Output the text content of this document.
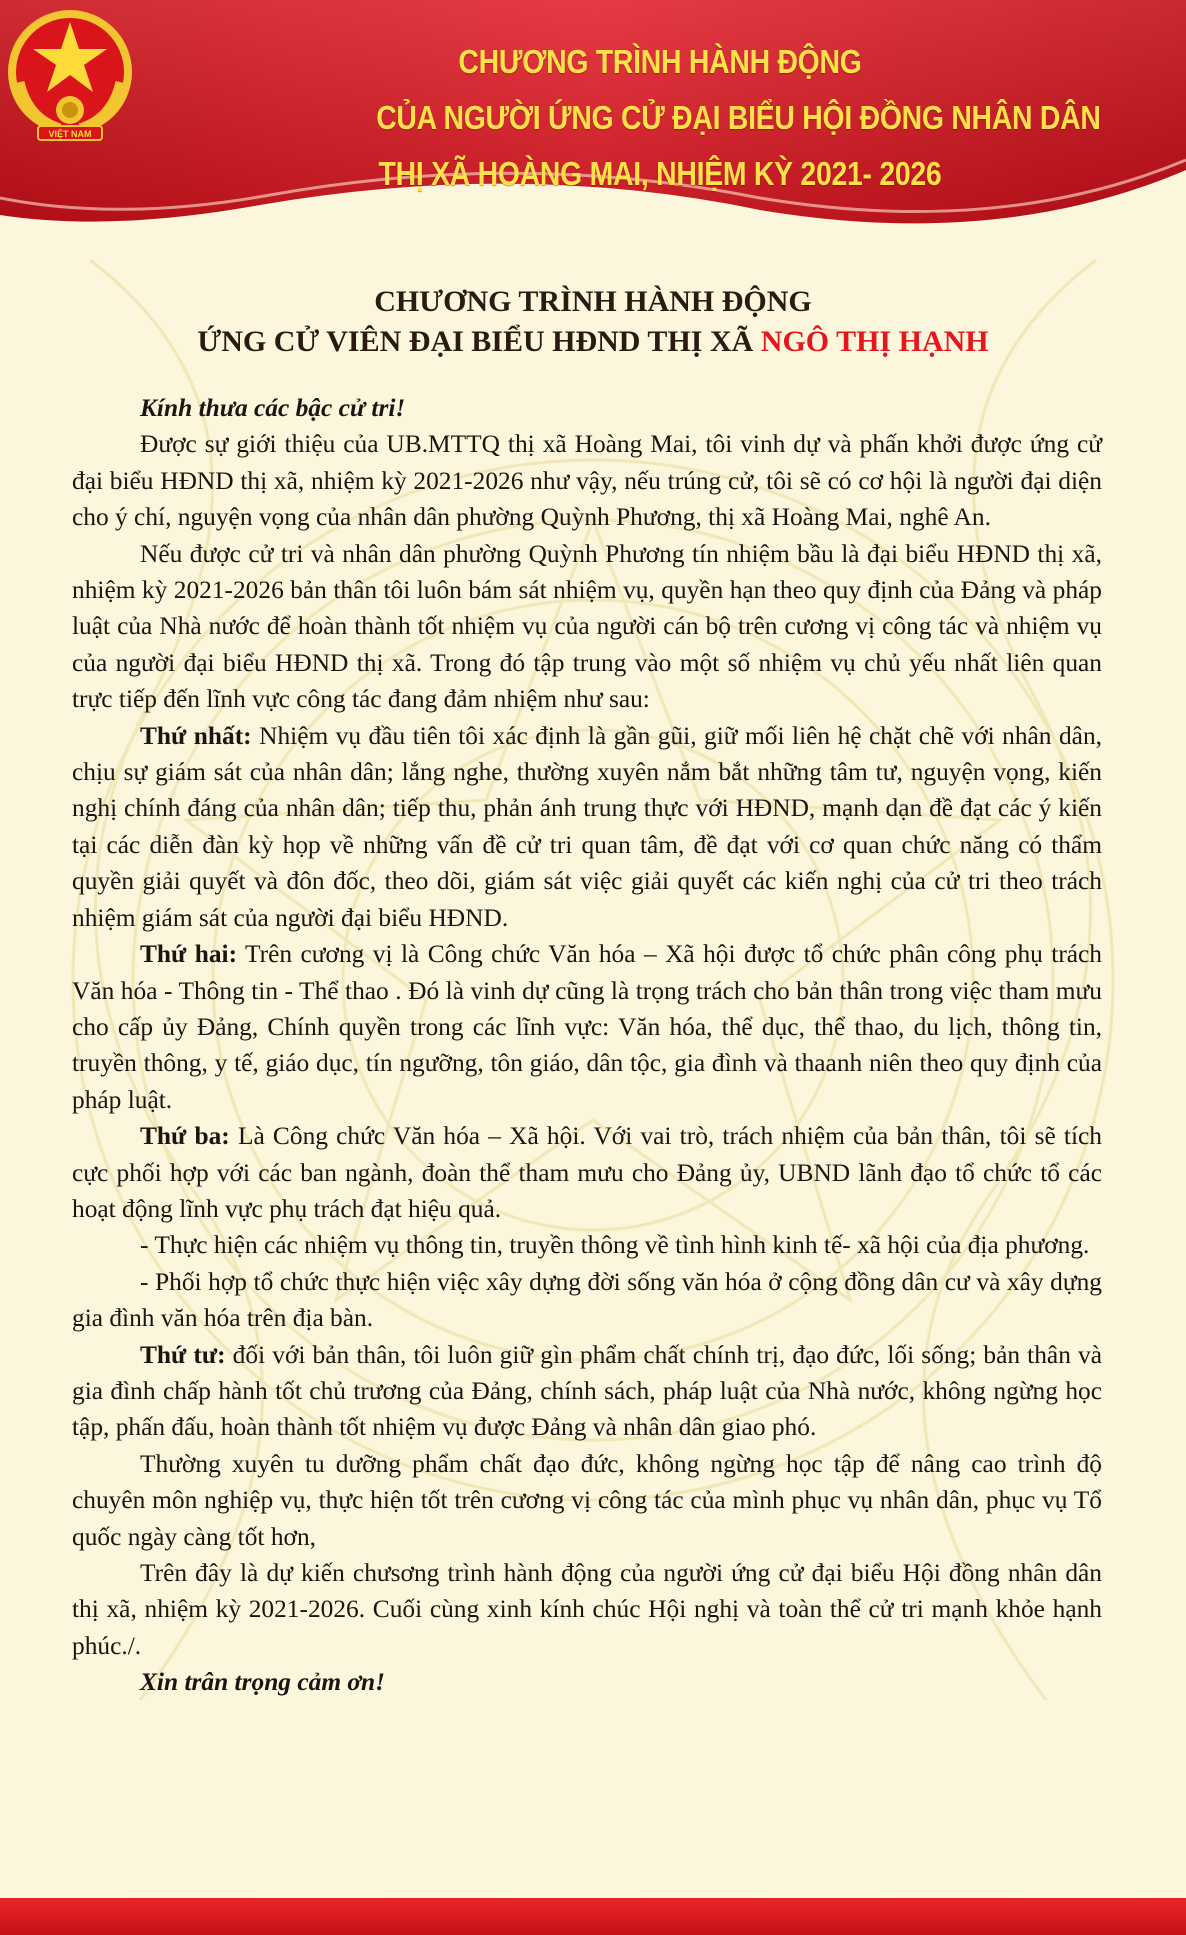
VIỆT NAM
CHƯƠNG TRÌNH HÀNH ĐỘNG
CỦA NGƯỜI ỨNG CỬ ĐẠI BIỂU HỘI ĐỒNG NHÂN DÂN
THỊ XÃ HOÀNG MAI, NHIỆM KỲ 2021- 2026
CHƯƠNG TRÌNH HÀNH ĐỘNG
ỨNG CỬ VIÊN ĐẠI BIỂU HĐND THỊ XÃ NGÔ THỊ HẠNH

Kính thưa các bậc cử tri!

Được sự giới thiệu của UB.MTTQ thị xã Hoàng Mai, tôi vinh dự và phấn khởi được ứng cử đại biểu HĐND thị xã, nhiệm kỳ 2021-2026 như vậy, nếu trúng cử, tôi sẽ có cơ hội là người đại diện cho ý chí, nguyện vọng của nhân dân phường Quỳnh Phương, thị xã Hoàng Mai, nghê An.

Nếu được cử tri và nhân dân phường Quỳnh Phương tín nhiệm bầu là đại biểu HĐND thị xã, nhiệm kỳ 2021-2026 bản thân tôi luôn bám sát nhiệm vụ, quyền hạn theo quy định của Đảng và pháp luật của Nhà nước để hoàn thành tốt nhiệm vụ của người cán bộ trên cương vị công tác và nhiệm vụ của người đại biểu HĐND thị xã. Trong đó tập trung vào một số nhiệm vụ chủ yếu nhất liên quan trực tiếp đến lĩnh vực công tác đang đảm nhiệm như sau:

Thứ nhất: Nhiệm vụ đầu tiên tôi xác định là gần gũi, giữ mối liên hệ chặt chẽ với nhân dân, chịu sự giám sát của nhân dân; lắng nghe, thường xuyên nắm bắt những tâm tư, nguyện vọng, kiến nghị chính đáng của nhân dân; tiếp thu, phản ánh trung thực với HĐND, mạnh dạn đề đạt các ý kiến tại các diễn đàn kỳ họp về những vấn đề cử tri quan tâm, đề đạt với cơ quan chức năng có thẩm quyền giải quyết và đôn đốc, theo dõi, giám sát việc giải quyết các kiến nghị của cử tri theo trách nhiệm giám sát của người đại biểu HĐND.

Thứ hai: Trên cương vị là Công chức Văn hóa – Xã hội được tổ chức phân công phụ trách Văn hóa - Thông tin - Thể thao . Đó là vinh dự cũng là trọng trách cho bản thân trong việc tham mưu cho cấp ủy Đảng, Chính quyền trong các lĩnh vực: Văn hóa, thể dục, thể thao, du lịch, thông tin, truyền thông, y tế, giáo dục, tín ngưỡng, tôn giáo, dân tộc, gia đình và thaanh niên theo quy định của pháp luật.

Thứ ba: Là Công chức Văn hóa – Xã hội. Với vai trò, trách nhiệm của bản thân, tôi sẽ tích cực phối hợp với các ban ngành, đoàn thể tham mưu cho Đảng ủy, UBND lãnh đạo tổ chức tổ các hoạt động lĩnh vực phụ trách đạt hiệu quả.

- Thực hiện các nhiệm vụ thông tin, truyền thông về tình hình kinh tế- xã hội của địa phương.

- Phối hợp tổ chức thực hiện việc xây dựng đời sống văn hóa ở cộng đồng dân cư và xây dựng gia đình văn hóa trên địa bàn.

Thứ tư: đối với bản thân, tôi luôn giữ gìn phẩm chất chính trị, đạo đức, lối sống; bản thân và gia đình chấp hành tốt chủ trương của Đảng, chính sách, pháp luật của Nhà nước, không ngừng học tập, phấn đấu, hoàn thành tốt nhiệm vụ được Đảng và nhân dân giao phó.

Thường xuyên tu dưỡng phẩm chất đạo đức, không ngừng học tập để nâng cao trình độ chuyên môn nghiệp vụ, thực hiện tốt trên cương vị công tác của mình phục vụ nhân dân, phục vụ Tổ quốc ngày càng tốt hơn,

Trên đây là dự kiến chưsơng trình hành động của người ứng cử đại biểu Hội đồng nhân dân thị xã, nhiệm kỳ 2021-2026. Cuối cùng xinh kính chúc Hội nghị và toàn thể cử tri mạnh khỏe hạnh phúc./.

Xin trân trọng cảm ơn!
